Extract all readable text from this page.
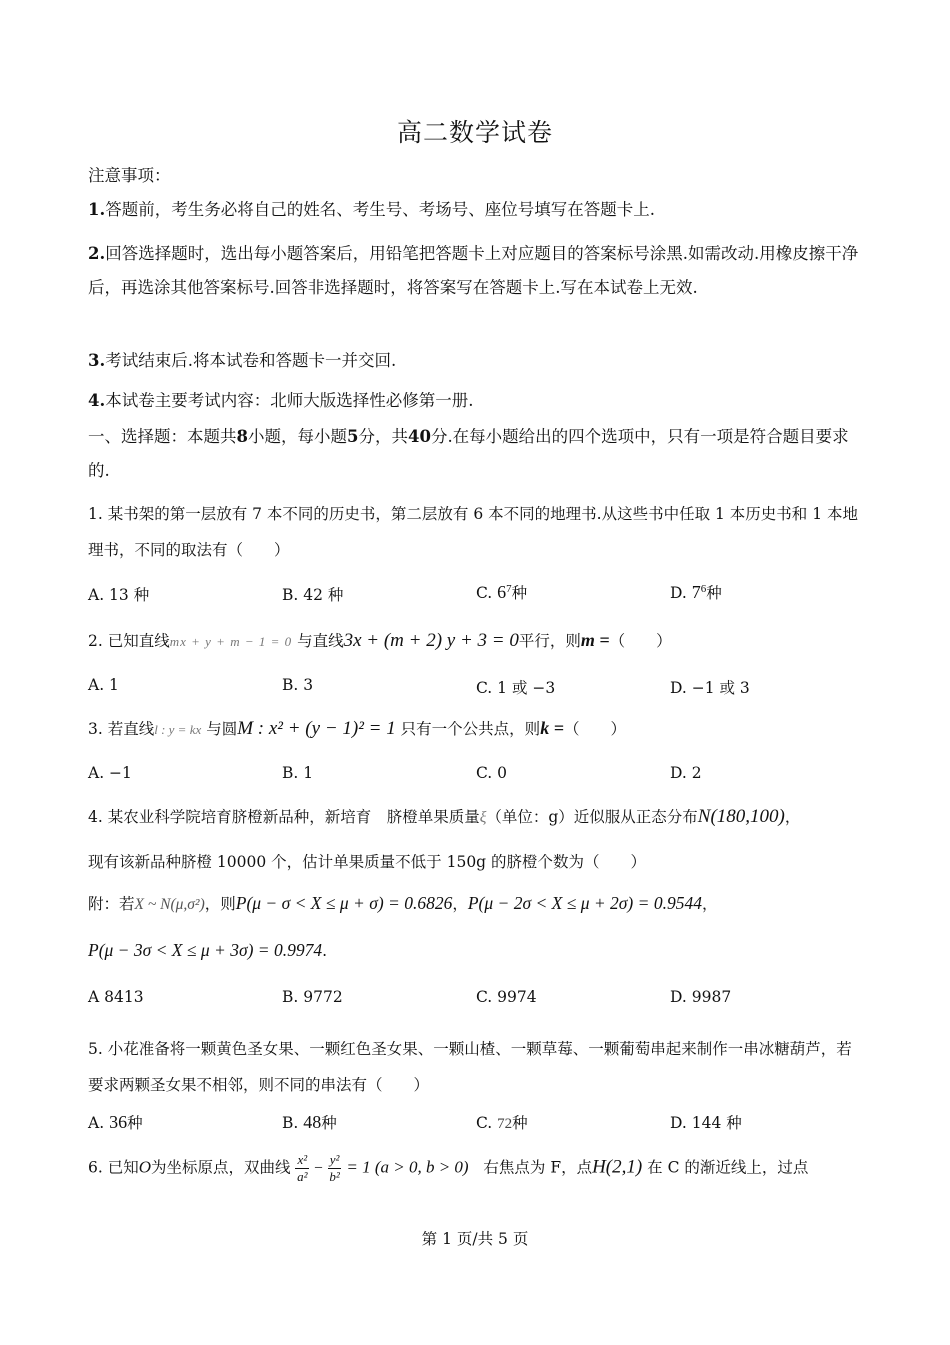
高二数学试卷
注意事项：
1.答题前，考生务必将自己的姓名、考生号、考场号、座位号填写在答题卡上.
2.回答选择题时，选出每小题答案后，用铅笔把答题卡上对应题目的答案标号涂黑.如需改动.用橡皮擦干净后，再选涂其他答案标号.回答非选择题时，将答案写在答题卡上.写在本试卷上无效.
3.考试结束后.将本试卷和答题卡一并交回.
4.本试卷主要考试内容：北师大版选择性必修第一册.
一、选择题：本题共8小题，每小题5分，共40分.在每小题给出的四个选项中，只有一项是符合题目要求的.
1. 某书架的第一层放有 7 本不同的历史书，第二层放有 6 本不同的地理书.从这些书中任取 1 本历史书和 1 本地理书，不同的取法有（　　）
A. 13 种	B. 42 种	C. $6^7$种	D. $7^6$种
2. 已知直线mx + y + m − 1 = 0 与直线3x + (m + 2) y + 3 = 0平行，则m =（　　）
A. 1	B. 3	C. 1 或 −3	D. −1 或 3
3. 若直线l : y = kx 与圆M : x² + (y − 1)² = 1 只有一个公共点，则k =（　　）
A. −1	B. 1	C. 0	D. 2
4. 某农业科学院培育脐橙新品种，新培育　脐橙单果质量ξ（单位：g）近似服从正态分布N(180,100)，
现有该新品种脐橙 10000 个，估计单果质量不低于 150g 的脐橙个数为（　　）
附：若X ~ N(μ,σ²)，则P(μ − σ < X ≤ μ + σ) = 0.6826，P(μ − 2σ < X ≤ μ + 2σ) = 0.9544，
P(μ − 3σ < X ≤ μ + 3σ) = 0.9974.
A 8413	B. 9772	C. 9974	D. 9987
5. 小花准备将一颗黄色圣女果、一颗红色圣女果、一颗山楂、一颗草莓、一颗葡萄串起来制作一串冰糖葫芦，若要求两颗圣女果不相邻，则不同的串法有（　　）
A. 36种	B. 48种	C. 72种	D. 144 种
6. 已知O为坐标原点，双曲线 $\frac{\text{x²}}{\text{a²}} - \frac{\text{y²}}{\text{b²}} = 1$ (a > 0, b > 0) 右焦点为 F，点H(2,1) 在 C 的渐近线上，过点
第 1 页/共 5 页
